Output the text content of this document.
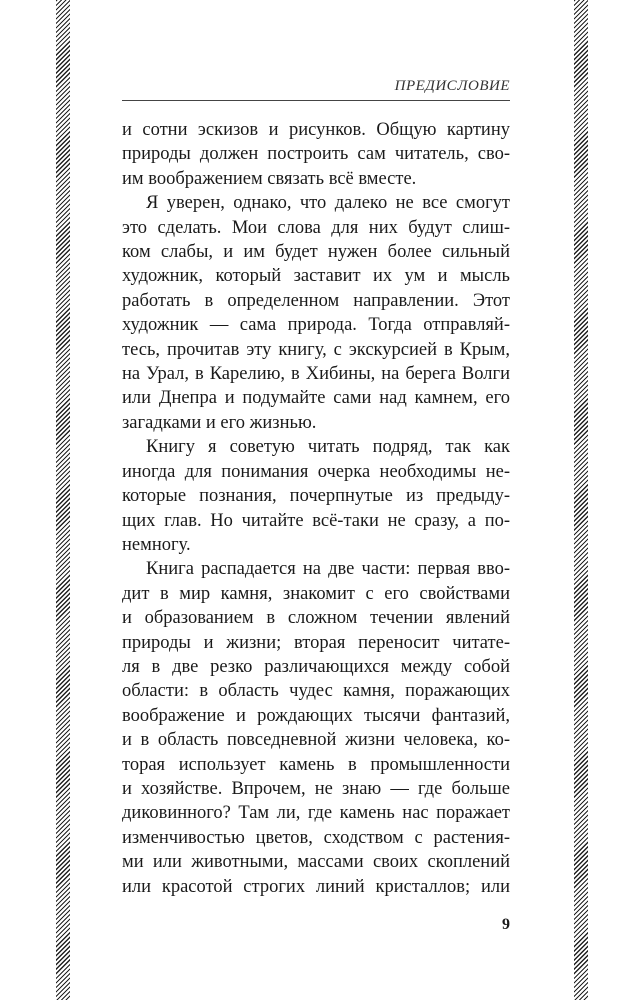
ПРЕДИСЛОВИЕ

и сотни эскизов и рисунков. Общую картину

природы должен построить сам читатель, сво-

им воображением связать всё вместе.

Я уверен, однако, что далеко не все смогут

это сделать. Мои слова для них будут слиш-

ком слабы, и им будет нужен более сильный

художник, который заставит их ум и мысль

работать в определенном направлении. Этот

художник — сама природа. Тогда отправляй-

тесь, прочитав эту книгу, с экскурсией в Крым,

на Урал, в Карелию, в Хибины, на берега Волги

или Днепра и подумайте сами над камнем, его

загадками и его жизнью.

Книгу я советую читать подряд, так как

иногда для понимания очерка необходимы не-

которые познания, почерпнутые из предыду-

щих глав. Но читайте всё-таки не сразу, а по-

немногу.

Книга распадается на две части: первая вво-

дит в мир камня, знакомит с его свойствами

и образованием в сложном течении явлений

природы и жизни; вторая переносит читате-

ля в две резко различающихся между собой

области: в область чудес камня, поражающих

воображение и рождающих тысячи фантазий,

и в область повседневной жизни человека, ко-

торая использует камень в промышленности

и хозяйстве. Впрочем, не знаю — где больше

диковинного? Там ли, где камень нас поражает

изменчивостью цветов, сходством с растения-

ми или животными, массами своих скоплений

или красотой строгих линий кристаллов; или

9
